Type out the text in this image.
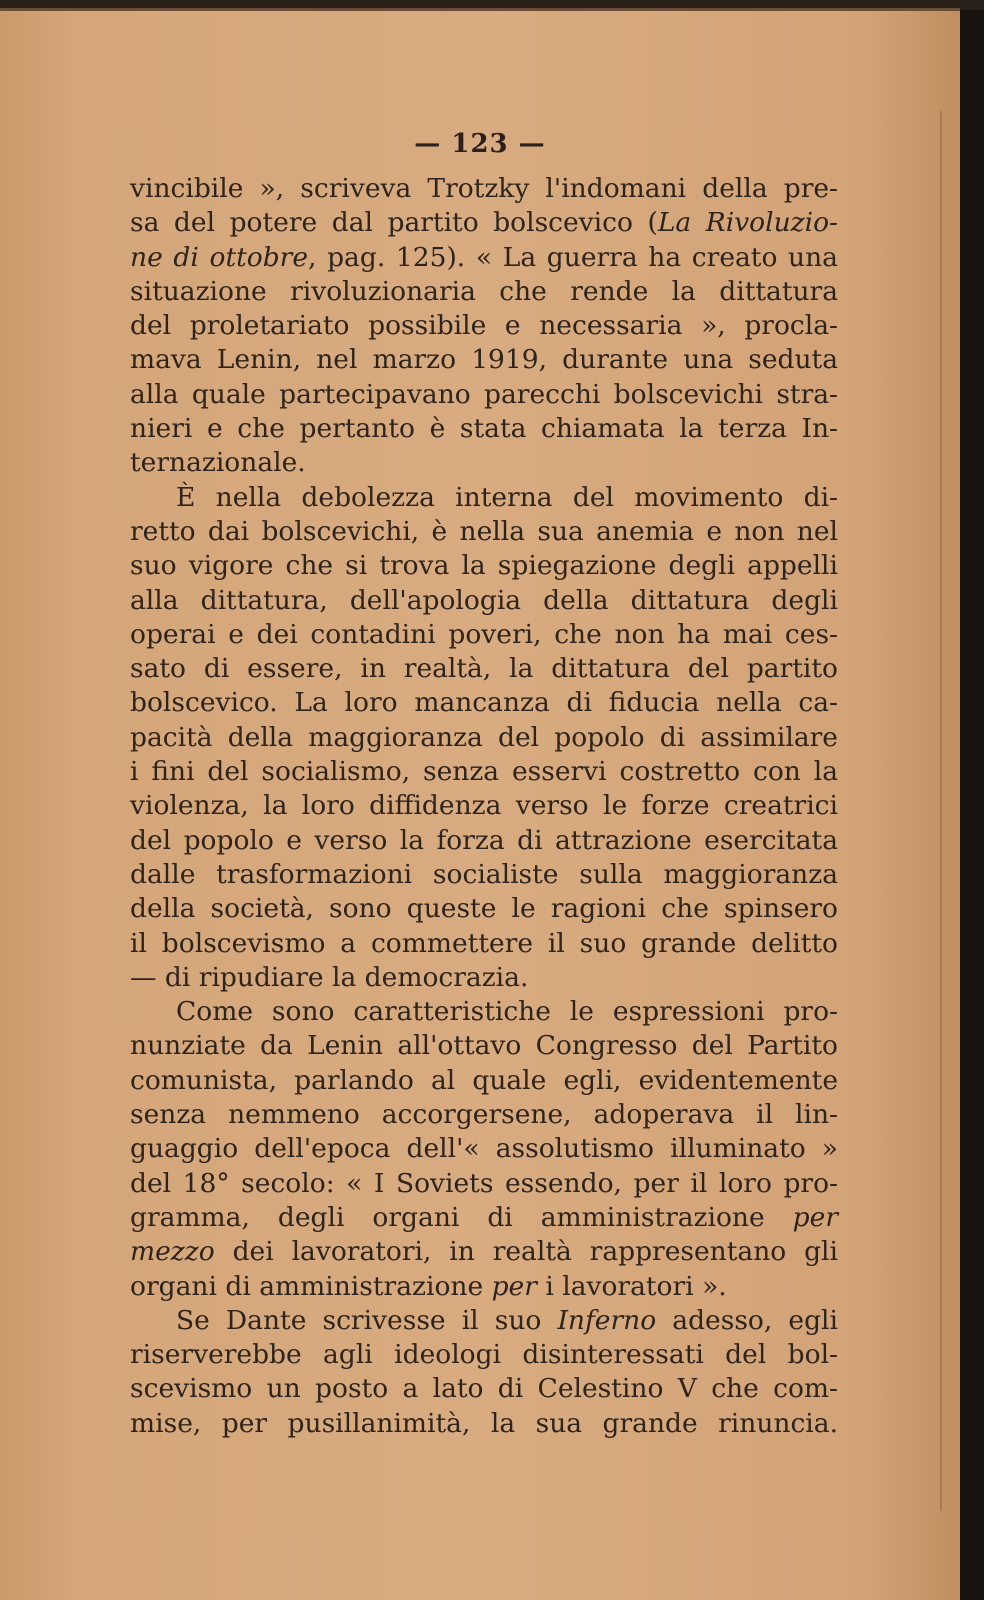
— 123 —
vincibile », scriveva Trotzky l'indomani della pre-
sa del potere dal partito bolscevico (La Rivoluzio-
ne di ottobre, pag. 125). « La guerra ha creato una
situazione rivoluzionaria che rende la dittatura
del proletariato possibile e necessaria », procla-
mava Lenin, nel marzo 1919, durante una seduta
alla quale partecipavano parecchi bolscevichi stra-
nieri e che pertanto è stata chiamata la terza In-
ternazionale.
È nella debolezza interna del movimento di-
retto dai bolscevichi, è nella sua anemia e non nel
suo vigore che si trova la spiegazione degli appelli
alla dittatura, dell'apologia della dittatura degli
operai e dei contadini poveri, che non ha mai ces-
sato di essere, in realtà, la dittatura del partito
bolscevico. La loro mancanza di fiducia nella ca-
pacità della maggioranza del popolo di assimilare
i fini del socialismo, senza esservi costretto con la
violenza, la loro diffidenza verso le forze creatrici
del popolo e verso la forza di attrazione esercitata
dalle trasformazioni socialiste sulla maggioranza
della società, sono queste le ragioni che spinsero
il bolscevismo a commettere il suo grande delitto
— di ripudiare la democrazia.
Come sono caratteristiche le espressioni pro-
nunziate da Lenin all'ottavo Congresso del Partito
comunista, parlando al quale egli, evidentemente
senza nemmeno accorgersene, adoperava il lin-
guaggio dell'epoca dell'« assolutismo illuminato »
del 18° secolo: « I Soviets essendo, per il loro pro-
gramma, degli organi di amministrazione per
mezzo dei lavoratori, in realtà rappresentano gli
organi di amministrazione per i lavoratori ».
Se Dante scrivesse il suo Inferno adesso, egli
riserverebbe agli ideologi disinteressati del bol-
scevismo un posto a lato di Celestino V che com-
mise, per pusillanimità, la sua grande rinuncia.
